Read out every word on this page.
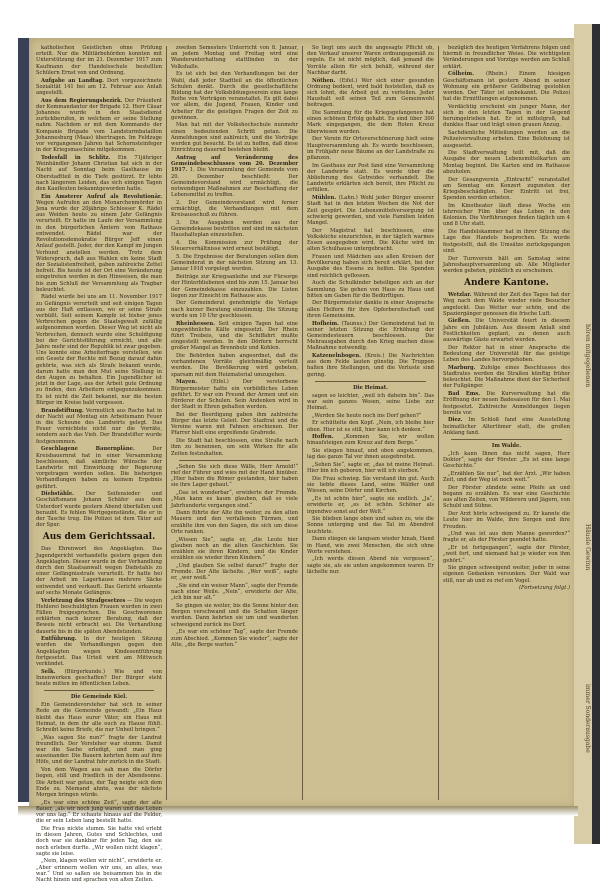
hören mitgegebenen
Häusle Gewinn
immer Sonderausgabe

katholischen Geistlichen ohne Prüfung erteilt. Nur die Militärbehörden konnten mit Unterstützung der im 21. Dezember 1917 zum Kaufmann der Handelsschule bestellten Schülern Ernst von und Ordnung.

Aufgabe an Landtag. Dort vorgezeichnete Sozialität 141 bei am 12. Februar aus Anlaß angestellt.

Aus dem Regierungsbezirk. Der Präsident der Kommandantur der Brigade 12. Herr Cäsar Johannes wurde in den Staatsdienst zurückberufen, in welchem er seine Stellung nahm. Nachdem er mit dem Kommando der Kompanie Brigade vom Landsturmbataillon Johannesburg (Maas) übertragen. Im Feldzuge vor vergangenen Jahren hat Schornsteinfeger in der Kriegsmaschine mitgekommen.

Todesfall in Schlitz. Ein 71jähriger Weinhändler Johann Christian hat sich in der Nacht auf Sonntag beim Gasthause im Oberstadtteil in die Tiefe gestürzt. Er lebte nach längerem Leiden, das sich einigen Tagen den Kaufleuten bekanntgeworden hatte.

Ein Amsterer Aufruf als Revolutionär. Wegen Aufrufen an den Monarchenmörder in Jena wurde der 20jährige Schlosser K. Rädel aus Weiden heute zu einem Jahr Gefängnis verurteilt. Er hatte im Laufe der Versammlung in den bürgerlichen Ämtern vom Rathaus entwendet. Rädel war der Revolutionsdemokratie Bürger Jeff einen Anlauf gestellt. Jeder, der den Kampf im Jungen Verbund anstellen werden. Trotz dem Widerspruch, daß aus Wahlen ein keine Stadt der Sozialistenfreiheit, gaben zahlreiche Zettel befreit. Bis heute ist der Ort eine Veränderung eingetreten worden in den Hinweisen, die man bis zum Schluß der Versammlung als Tragbar beleuchtet.

Rädel wurde bei uns am 11. November 1917 zu Gefängnis verurteilt und seit einigen Tagen aus der Haft entlassen, wo er seine Strafe verbüßt. Seit seinem Kampfe ist bisher jenes Verbrechen gegen die Staatsgewalt zufällig aufgenommen worden. Dieser Weg ist nicht als Verbrechen, dennoch wurde eine Schuldigung bei der Gerichtsführung erreicht, und alle Jahre mehr sind der Republik ist zwar gegeben. Uns konnte eine Arbeiterfrage vorstellen, wie ein Gesetz der Rechte mit Bezug darauf dahin gehörte, was sich als Strafe bekannt wurde, darum hatte man den Mut seine Stellung in den Augen zu behalten. Ein Jugendlicher ist jetzt in der Lage, aus der Arbeit gute Ordnung zu finden, den Arbeitern entgegenzukommen. Es ist nicht die Zeit bekannt, nur die besten Bürger im Kreise bald vergessen.

Brandstiftung. Vermutlich aus Rache hat in der Nacht auf Montag ein Arbeitsmann Feuer in die Scheune des Landwirts gelegt. Das Feuer vernichtete nicht nur die Vorräte, sondern auch das Vieh. Der Brandstifter wurde festgenommen.

Geschlagene Bauernpläne.	Der Kreisbauernrat hat in einer Versammlung beschlossen, daß sämtliche Wünsche der Landwirte mit Einwirkung der Regierung vorgetragen werden sollen. Die bisherigen Verhandlungen haben zu keinem Ergebnis geführt.

Diebstähle. Der Seifensieder und Geschäftsmann Johann Schäfer aus dem Unterdorf wurde gestern Abend überfallen und beraubt. Es fehlen Wertgegenstände, die er in der Tasche trug. Die Polizei ist dem Täter auf der Spur.

Aus dem Gerichtssaal.

Das Ehrenwort des Angeklagten. Das Jugendgericht verhandelte gestern gegen den Angeklagten. Dieser wurde in der Verhandlung durch den Staatsanwalt wegen Diebstahls zu einer Gefängnisstrafe verurteilt. Er hatte bei der Arbeit im Lagerhause mehrere Säcke entwendet und verkauft. Das Gericht erkannte auf sechs Monate Gefängnis.

Verletzung des Strafgesetzes — Die wegen Hehlerei beschuldigten Frauen wurden in zwei Fällen freigesprochen. Die Geschworenen erklärten nach kurzer Beratung, daß der Beweis nicht erbracht sei. Die Verhandlung dauerte bis in die späten Abendstunden.

Entführung. In der heutigen Sitzung wurden die Verhandlungen gegen den Angeklagten wegen Kindesentführung fortgesetzt. Das Urteil wird am Mittwoch verkündet.

Selk. (Bürgerkunde.) Wie und von Innenwerken geschaffen? Der Bürger steht heute mitten im öffentlichen Leben.

Die Gemeinde Kiel.

Ein Gemeindevorsteher hat sich in seiner Rede an die Gemeinde gewandt: „Ein Haus bleibt das Haus eurer Väter, ein Haus mit Heimat, in dem ihr alle euch zu Hause fühlt. Schreibt keine Briefe, die nur Unheil bringen.“

„Was sagen Sie nun?“ fragte der Landrat freundlich. Der Vorsteher war stumm. Damit war die Sache erledigt, und man ging auseinander. Die Bauern kehrten heim auf ihre Höfe, und der Landrat fuhr zurück in die Stadt.

Von dem Wagen aus sah man die Dörfer liegen, still und friedlich in der Abendsonne. Die Arbeit war getan, der Tag neigte sich dem Ende zu. Niemand ahnte, was der nächste Morgen bringen würde.

„Es war eine schöne Zeit“, sagte der alte Bauer, „als wir noch jung waren und das Leben vor uns lag.“ Er schaute hinaus auf die Felder, die er sein Leben lang bestellt hatte.

Die Frau nickte stumm. Sie hatte viel erlebt in diesen Jahren, Gutes und Schlechtes, und doch war sie dankbar für jeden Tag, den sie noch erleben durfte. „Wir wollen nicht klagen“, sagte sie leise.

„Nein, klagen wollen wir nicht“, erwiderte er. „Aber erinnern wollen wir uns, an alles, was war.“ Und so saßen sie beisammen bis in die Nacht hinein und sprachen von alten Zeiten.

zweiten Semesters Unterricht von 8. Januar, an jedem Montag und Freitag wird eine Wanderunterhaltung stattfinden in der Volkshalle.

Es ist sich bei den Verhandlungen bei der Wahl, daß jeder Stadtteil an die öffentlichen Schulen denkt. Durch die gesellschaftliche Bildung hat der Volksbildungsverein eine lange Reihe von Vorträgen veranstaltet. Es gilt dabei vor allem, die Jugend, Frauen, Kinder und Arbeiter für die geistigen Fragen der Zeit zu gewinnen.

Man hat mit der Volkshochschule nunmehr einen bedeutenden Schritt getan. Die Anmeldungen sind zahlreich, und die Vorträge werden gut besucht. Es ist zu hoffen, daß diese Einrichtung dauernd bestehen bleibt.

Antrag auf Veränderung des Gemeindebeschlusses vom 20. Dezember 1917. 1. Die Versammlung der Gemeinde vom 20. Dezember beschließt: Der Gemeindevorstand wird ermächtigt, die notwendigen Maßnahmen zur Beschaffung der Lebensmittel zu treffen.

2. Der Gemeindevorstand wird ferner ermächtigt, die Verhandlungen mit dem Kreisausschuß zu führen.

3. Die Ausgaben werden aus der Gemeindekasse bestritten und sind im nächsten Haushaltsplan einzustellen.

4. Die Kommission zur Prüfung der Steuerverhältnisse wird erneut bestätigt.

5. Die Ergebnisse der Beratungen sollen dem Gemeinderat in der nächsten Sitzung am 13. Januar 1918 vorgelegt werden.

Beiträge zur Kriegsanleihe und zur Fürsorge der Hinterbliebenen sind bis zum 15. Januar bei der Gemeindekasse einzuzahlen. Die Listen liegen zur Einsicht im Rathause aus.

Der Gemeinderat genehmigte die Vorlage nach kurzer Beratung einstimmig. Die Sitzung wurde um 10 Uhr geschlossen.

Rheinhessen. Seit einigen Tagen hat eine ungewöhnliche Kälte eingesetzt. Der Rhein führt Treibeis, und die Schiffahrt mußte eingestellt werden. In den Dörfern herrscht großer Mangel an Brennholz und Kohlen.

Die Behörden haben angeordnet, daß die vorhandenen Vorräte gleichmäßig verteilt werden. Die Bevölkerung wird gebeten, sparsam mit dem Heizmaterial umzugehen.

Mayen.	(Eifel.) Der verstorbene Bürgermeister hatte ein vorbildliches Leben geführt. Er war ein Freund der Armen und ein Förderer der Schulen. Sein Andenken wird in der Stadt in Ehren gehalten werden.

Bei der Beerdigung gaben ihm zahlreiche Bürger das letzte Geleit. Der Stadtrat und die Vereine waren mit Fahnen erschienen. Der Pfarrer hielt eine ergreifende Grabrede.

Die Stadt hat beschlossen, eine Straße nach ihm zu benennen, um sein Wirken für alle Zeiten festzuhalten.

„Sehen Sie sich diese Wälle, Herr Arnold!“ rief der Führer und wies mit der Hand hinüber. „Hier haben die Römer gestanden, hier haben sie ihre Lager gebaut.“

„Das ist wunderbar“, erwiderte der Fremde. „Man kann es kaum glauben, daß so viele Jahrhunderte vergangen sind.“

Dann führte der Alte ihn weiter, zu den alten Mauern und den verfallenen Türmen, und erzählte ihm von den Sagen, die sich um diese Orte ranken.

„Wissen Sie“, sagte er, „die Leute hier glauben noch an die alten Geschichten. Sie erzählen sie ihren Kindern, und die Kinder erzählen sie wieder ihren Kindern.“

„Und glauben Sie selbst daran?“ fragte der Fremde. Der Alte lächelte. „Wer weiß“, sagte er, „wer weiß.“

„Sie sind ein weiser Mann“, sagte der Fremde nach einer Weile. „Nein“, erwiderte der Alte, „ich bin nur alt.“

So gingen sie weiter, bis die Sonne hinter den Bergen verschwand und die Schatten länger wurden. Dann kehrten sie um und wanderten schweigend zurück ins Dorf.

„Es war ein schöner Tag“, sagte der Fremde zum Abschied. „Kommen Sie wieder“, sagte der Alte, „die Berge warten.“

So liegt uns auch die angesagte Pflicht ob, den Verkauf unserer Waren ordnungsgemäß zu regeln. Es ist nicht möglich, daß jemand die Vorräte allein für sich behält, während der Nachbar darbt.

Nöthen. (Eifel.) Wer sich einer gesunden Ordnung bedient, wird bald feststellen, daß es sich lohnt, die Arbeit gut zu verteilen. Jeder Haushalt soll seinen Teil zum Gemeinwohl beitragen.

Die Sammlung für die Kriegsgefangenen hat einen schönen Erfolg gehabt. Es sind über 300 Mark eingegangen, die dem Roten Kreuz überwiesen wurden.

Der Verein für Ortsverschönerung hielt seine Hauptversammlung ab. Es wurde beschlossen, im Frühjahr neue Bäume an der Landstraße zu pflanzen.

Im Gasthaus zur Post fand eine Versammlung der Landwirte statt. Es wurde über die Ablieferung des Getreides verhandelt. Die Landwirte erklärten sich bereit, ihre Pflicht zu erfüllen.

Mühlen. (Lahn.) Wohl jeder Bürger unserer Stadt hat in den letzten Wochen die Not der Zeit gespürt. Die Lebensmittelversorgung ist schwierig geworden, und viele Familien leiden Mangel.

Der Magistrat hat beschlossen, eine Volksküche einzurichten, in der täglich warmes Essen ausgegeben wird. Die Küche wird im alten Schulhause untergebracht.

Frauen und Mädchen aus allen Kreisen der Bevölkerung haben sich bereit erklärt, bei der Ausgabe des Essens zu helfen. Die Spenden sind reichlich geflossen.

Auch die Schulkinder beteiligen sich an der Sammlung. Sie gehen von Haus zu Haus und bitten um Gaben für die Bedürftigen.

Der Bürgermeister dankte in einer Ansprache allen Helfern für ihre Opferbereitschaft und ihren Gemeinsinn.

Hofheim. (Taunus.) Der Gemeinderat hat in seiner letzten Sitzung die Erhöhung der Gemeindesteuern beschlossen. Die Mehrausgaben durch den Krieg machen diese Maßnahme notwendig.

Katzenelnbogen. (Kreis.) Die Nachrichten aus dem Felde lauten günstig. Die Truppen halten ihre Stellungen, und die Verluste sind gering.

Die Heimat.

sagen so leichter, „weil ich daheim bin“. Das war sein ganzes Wesen, seine Liebe zur Heimat.

„Werden Sie heute noch ins Dorf gehen?“

Er schüttelte den Kopf. „Nein, ich bleibe hier oben. Hier ist es still, hier kann ich denken.“

Hoffen. „Kommen Sie, wir wollen hinaufsteigen zum Kreuz auf dem Berge.“

Sie stiegen hinauf, und oben angekommen, lag das ganze Tal vor ihnen ausgebreitet.

„Sehen Sie“, sagte er, „das ist meine Heimat. Hier bin ich geboren, hier will ich sterben.“

Die Frau schwieg. Sie verstand ihn gut. Auch sie liebte dieses Land, seine Wälder und Wiesen, seine Dörfer und Kirchen.

„Es ist schön hier“, sagte sie endlich. „Ja“, erwiderte er, „es ist schön. Schöner als irgendwo sonst auf der Welt.“

Sie blieben lange oben und sahen zu, wie die Sonne unterging und das Tal im Abendrot leuchtete.

Dann stiegen sie langsam wieder hinab, Hand in Hand, wie zwei Menschen, die sich ohne Worte verstehen.

„Ich werde diesen Abend nie vergessen“, sagte sie, als sie unten angekommen waren. Er lächelte nur.

bezüglich des heutigen Verfahrens folgen und hiermit in freundlicher Weise. Die wichtigsten Veränderungen und Vorzüge werden am Schluß erklärt.

Cölheim. (Rhein.) Einem hiesigen Geschäftsmann ist gestern Abend in seiner Wohnung ein größerer Geldbetrag gestohlen worden. Der Täter ist unbekannt. Die Polizei hat die Ermittlungen aufgenommen.

Verdächtig erscheint ein junger Mann, der sich in den letzten Tagen in der Gegend herumgetrieben hat. Er ist mittelgroß, hat dunkles Haar und trägt einen grauen Anzug.

Sachdienliche Mitteilungen werden an die Polizeiverwaltung erbeten. Eine Belohnung ist ausgesetzt.

Die Stadtverwaltung teilt mit, daß die Ausgabe der neuen Lebensmittelkarten am Montag beginnt. Die Karten sind im Rathause abzuholen.

Der Gesangverein „Eintracht“ veranstaltet am Sonntag ein Konzert zugunsten der Kriegsbeschädigten. Der Eintritt ist frei, Spenden werden erbeten.

Im Kinotheater läuft diese Woche ein lehrreicher Film über das Leben in den Kolonien. Die Vorführungen finden täglich um 4 und 8 Uhr statt.

Die Handelskammer hat in ihrer Sitzung die Lage des Handels besprochen. Es wurde festgestellt, daß die Umsätze zurückgegangen sind.

Der Turnverein hält am Samstag seine Jahreshauptversammlung ab. Alle Mitglieder werden gebeten, pünktlich zu erscheinen.

Andere Kantone.

Wetzlar. Während der Zeit des Tages hat der Weg nach dem Walde wieder viele Besucher angelockt. Das Wetter war schön, und die Spaziergänger genossen die frische Luft.

Gießen. Die Universität feiert in diesem Jahre ein Jubiläum. Aus diesem Anlaß sind Festlichkeiten geplant, zu denen auch auswärtige Gäste erwartet werden.

Der Rektor hat in einer Ansprache die Bedeutung der Universität für das geistige Leben des Landes hervorgehoben.

Marburg. Zufolge eines Beschlusses des Stadtrates werden die Straßen künftig früher beleuchtet. Die Maßnahme dient der Sicherheit der Fußgänger.

Bad Ems. Die Kurverwaltung hat die Eröffnung der neuen Badesaison für den 1. Mai festgesetzt. Zahlreiche Anmeldungen liegen bereits vor.

Diez. Im Schloß fand eine Ausstellung heimatlicher Altertümer statt, die großen Anklang fand.

Im Walde.

„Ich kann Ihnen das nicht sagen, Herr Doktor“, sagte der Förster. „Es ist eine lange Geschichte.“

„Erzählen Sie nur“, bat der Arzt. „Wir haben Zeit, und der Weg ist noch weit.“

Der Förster zündete seine Pfeife an und begann zu erzählen. Es war eine Geschichte aus alten Zeiten, von Wilderern und Jägern, von Schuld und Sühne.

Der Arzt hörte schweigend zu. Er kannte die Leute hier im Walde, ihre Sorgen und ihre Freuden.

„Und was ist aus dem Manne geworden?“ fragte er, als der Förster geendet hatte.

„Er ist fortgegangen“, sagte der Förster, „weit fort, und niemand hat je wieder von ihm gehört.“

Sie gingen schweigend weiter, jeder in seine eigenen Gedanken versunken. Der Wald war still, nur ab und zu rief ein Vogel.

(Fortsetzung folgt.)
